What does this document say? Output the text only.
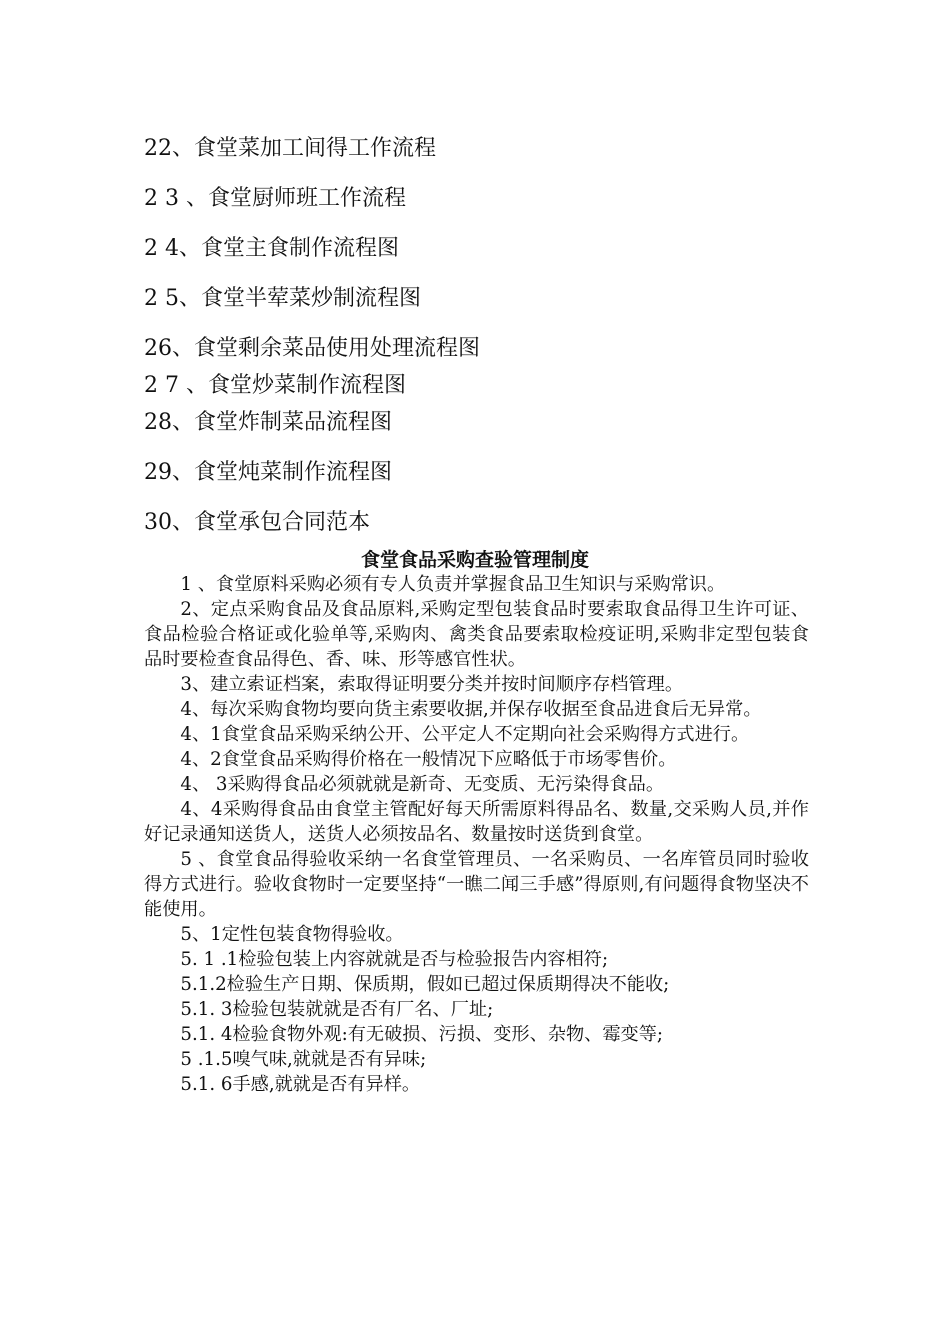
22、食堂菜加工间得工作流程
2 3 、食堂厨师班工作流程
2 4、食堂主食制作流程图
2 5、食堂半荤菜炒制流程图
26、食堂剩余菜品使用处理流程图
2 7 、食堂炒菜制作流程图
28、食堂炸制菜品流程图
29、食堂炖菜制作流程图
30、食堂承包合同范本
食堂食品采购查验管理制度

1 、食堂原料采购必须有专人负责并掌握食品卫生知识与采购常识。

2、定点采购食品及食品原料,采购定型包装食品时要索取食品得卫生许可证、食品检验合格证或化验单等,采购肉、禽类食品要索取检疫证明,采购非定型包装食品时要检查食品得色、香、味、形等感官性状。

3、建立索证档案，索取得证明要分类并按时间顺序存档管理。

4、每次采购食物均要向货主索要收据,并保存收据至食品进食后无异常。

4、1食堂食品采购采纳公开、公平定人不定期向社会采购得方式进行。

4、2食堂食品采购得价格在一般情况下应略低于市场零售价。

4、 3采购得食品必须就就是新奇、无变质、无污染得食品。

4、4采购得食品由食堂主管配好每天所需原料得品名、数量,交采购人员,并作好记录通知送货人，送货人必须按品名、数量按时送货到食堂。

5 、食堂食品得验收采纳一名食堂管理员、一名采购员、一名库管员同时验收得方式进行。验收食物时一定要坚持“一瞧二闻三手感”得原则,有问题得食物坚决不能使用。

5、1定性包装食物得验收。

5. 1 .1检验包装上内容就就是否与检验报告内容相符;

5.1.2检验生产日期、保质期，假如已超过保质期得决不能收;

5.1. 3检验包装就就是否有厂名、厂址;

5.1. 4检验食物外观:有无破损、污损、变形、杂物、霉变等;

5 .1.5嗅气味,就就是否有异味;

5.1. 6手感,就就是否有异样。
